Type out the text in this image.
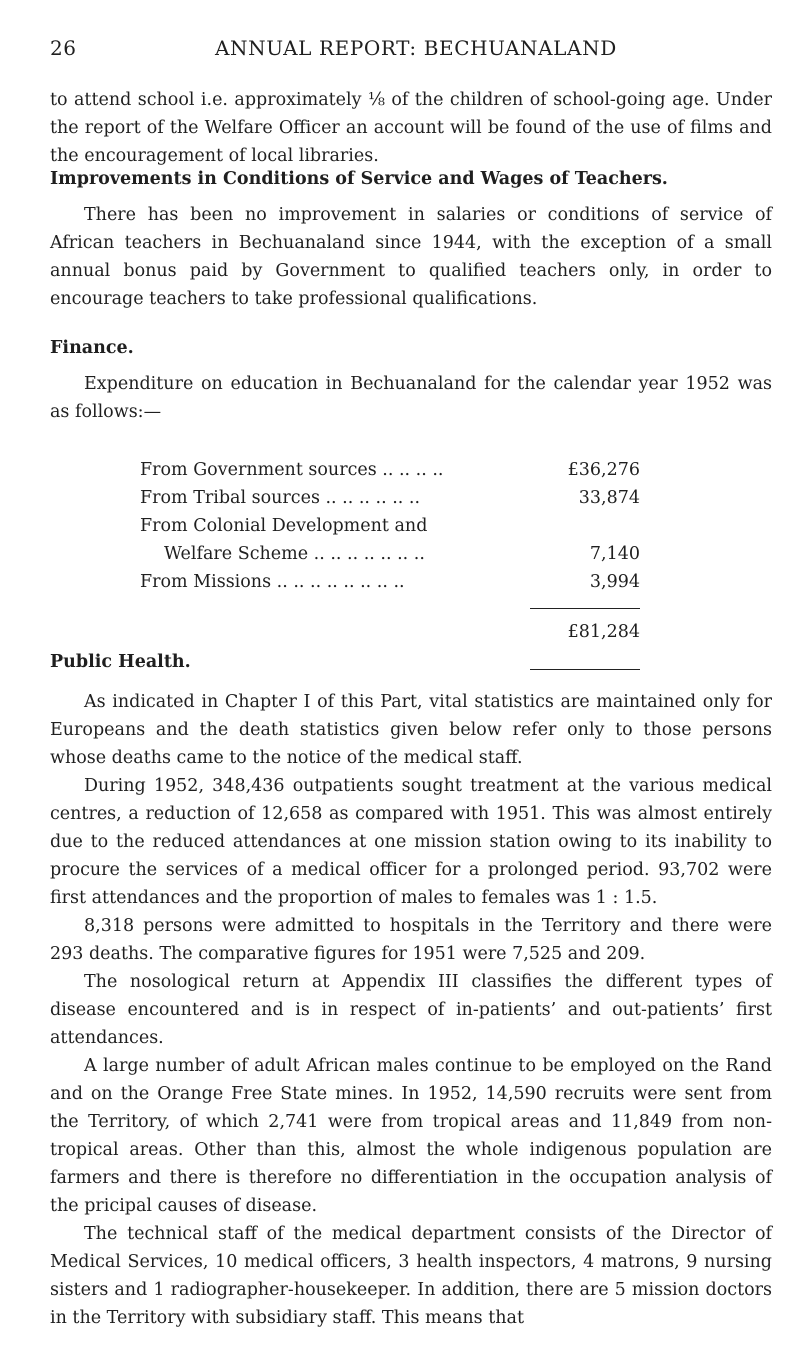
26	ANNUAL REPORT: BECHUANALAND

to attend school i.e. approximately ⅛ of the children of school-going age. Under the report of the Welfare Officer an account will be found of the use of films and the encouragement of local libraries.

Improvements in Conditions of Service and Wages of Teachers.

There has been no improvement in salaries or conditions of service of African teachers in Bechuanaland since 1944, with the exception of a small annual bonus paid by Government to qualified teachers only, in order to encourage teachers to take professional qualifications.

Finance.

Expenditure on education in Bechuanaland for the calendar year 1952 was as follows:—

From Government sources .. .. .. ..	£36,276
From Tribal sources .. .. .. .. .. ..	33,874
From Colonial Development and
Welfare Scheme .. .. .. .. .. .. ..	7,140
From Missions .. .. .. .. .. .. .. ..	3,994
£81,284

Public Health.

As indicated in Chapter I of this Part, vital statistics are maintained only for Europeans and the death statistics given below refer only to those persons whose deaths came to the notice of the medical staff.

During 1952, 348,436 outpatients sought treatment at the various medical centres, a reduction of 12,658 as compared with 1951. This was almost entirely due to the reduced attendances at one mission station owing to its inability to procure the services of a medical officer for a prolonged period. 93,702 were first attendances and the proportion of males to females was 1 : 1.5.

8,318 persons were admitted to hospitals in the Territory and there were 293 deaths. The comparative figures for 1951 were 7,525 and 209.

The nosological return at Appendix III classifies the different types of disease encountered and is in respect of in-patients’ and out-patients’ first attendances.

A large number of adult African males continue to be employed on the Rand and on the Orange Free State mines. In 1952, 14,590 recruits were sent from the Territory, of which 2,741 were from tropical areas and 11,849 from non-tropical areas. Other than this, almost the whole indigenous population are farmers and there is therefore no differentiation in the occupation analysis of the pricipal causes of disease.

The technical staff of the medical department consists of the Director of Medical Services, 10 medical officers, 3 health inspectors, 4 matrons, 9 nursing sisters and 1 radiographer-housekeeper. In addition, there are 5 mission doctors in the Territory with subsidiary staff. This means that
